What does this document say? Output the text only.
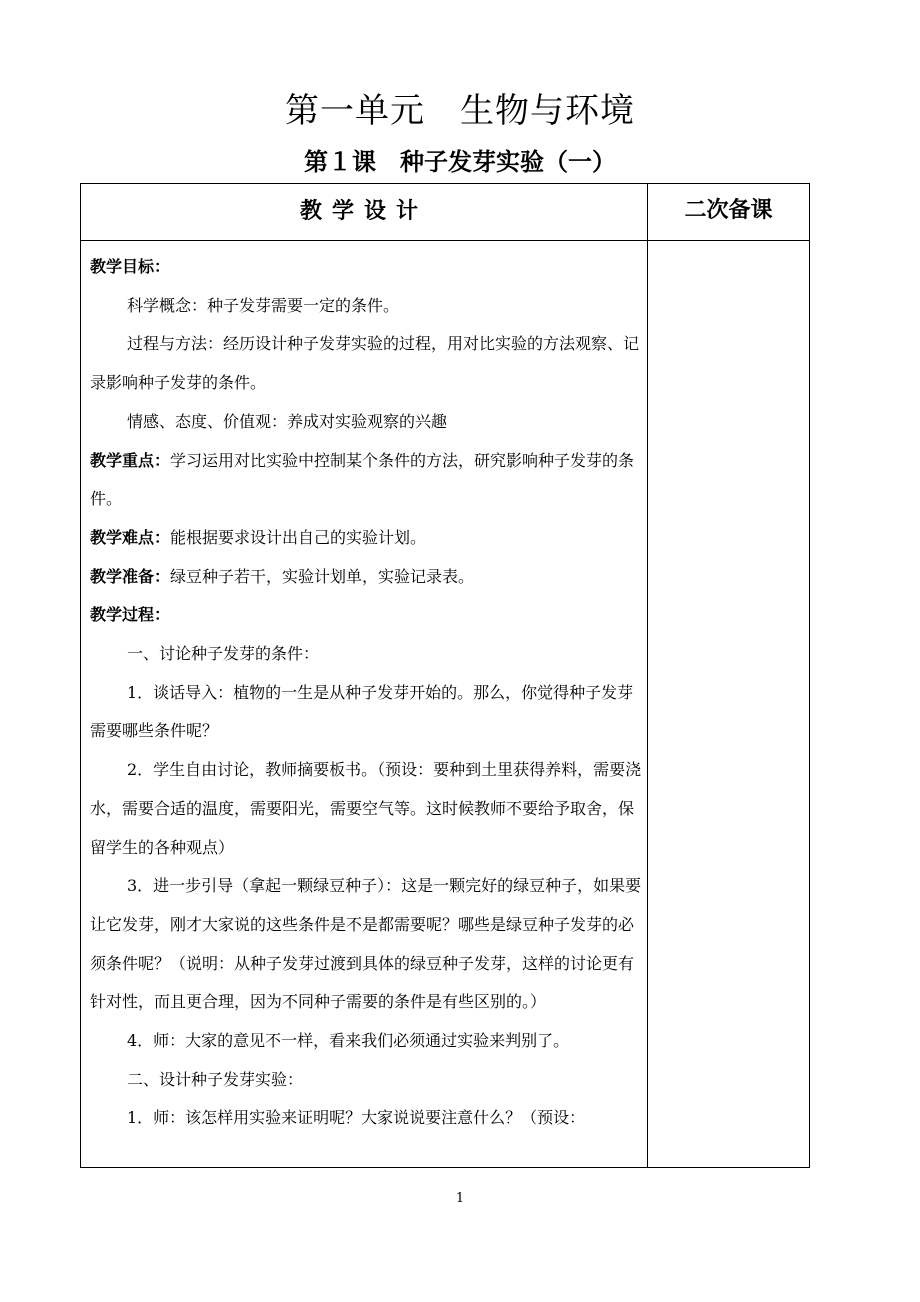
第一单元　生物与环境
第１课　种子发芽实验（一）
教学设计	二次备课

教学目标：

科学概念：种子发芽需要一定的条件。

过程与方法：经历设计种子发芽实验的过程，用对比实验的方法观察、记录影响种子发芽的条件。

情感、态度、价值观：养成对实验观察的兴趣

教学重点：学习运用对比实验中控制某个条件的方法，研究影响种子发芽的条件。

教学难点：能根据要求设计出自己的实验计划。

教学准备：绿豆种子若干，实验计划单，实验记录表。

教学过程：

一、讨论种子发芽的条件：

1．谈话导入：植物的一生是从种子发芽开始的。那么，你觉得种子发芽需要哪些条件呢？

2．学生自由讨论，教师摘要板书。（预设：要种到土里获得养料，需要浇水，需要合适的温度，需要阳光，需要空气等。这时候教师不要给予取舍，保留学生的各种观点）

3．进一步引导（拿起一颗绿豆种子）：这是一颗完好的绿豆种子，如果要让它发芽，刚才大家说的这些条件是不是都需要呢？哪些是绿豆种子发芽的必须条件呢？（说明：从种子发芽过渡到具体的绿豆种子发芽，这样的讨论更有针对性，而且更合理，因为不同种子需要的条件是有些区别的。）

4．师：大家的意见不一样，看来我们必须通过实验来判别了。

二、设计种子发芽实验：

1．师：该怎样用实验来证明呢？大家说说要注意什么？（预设：

1
